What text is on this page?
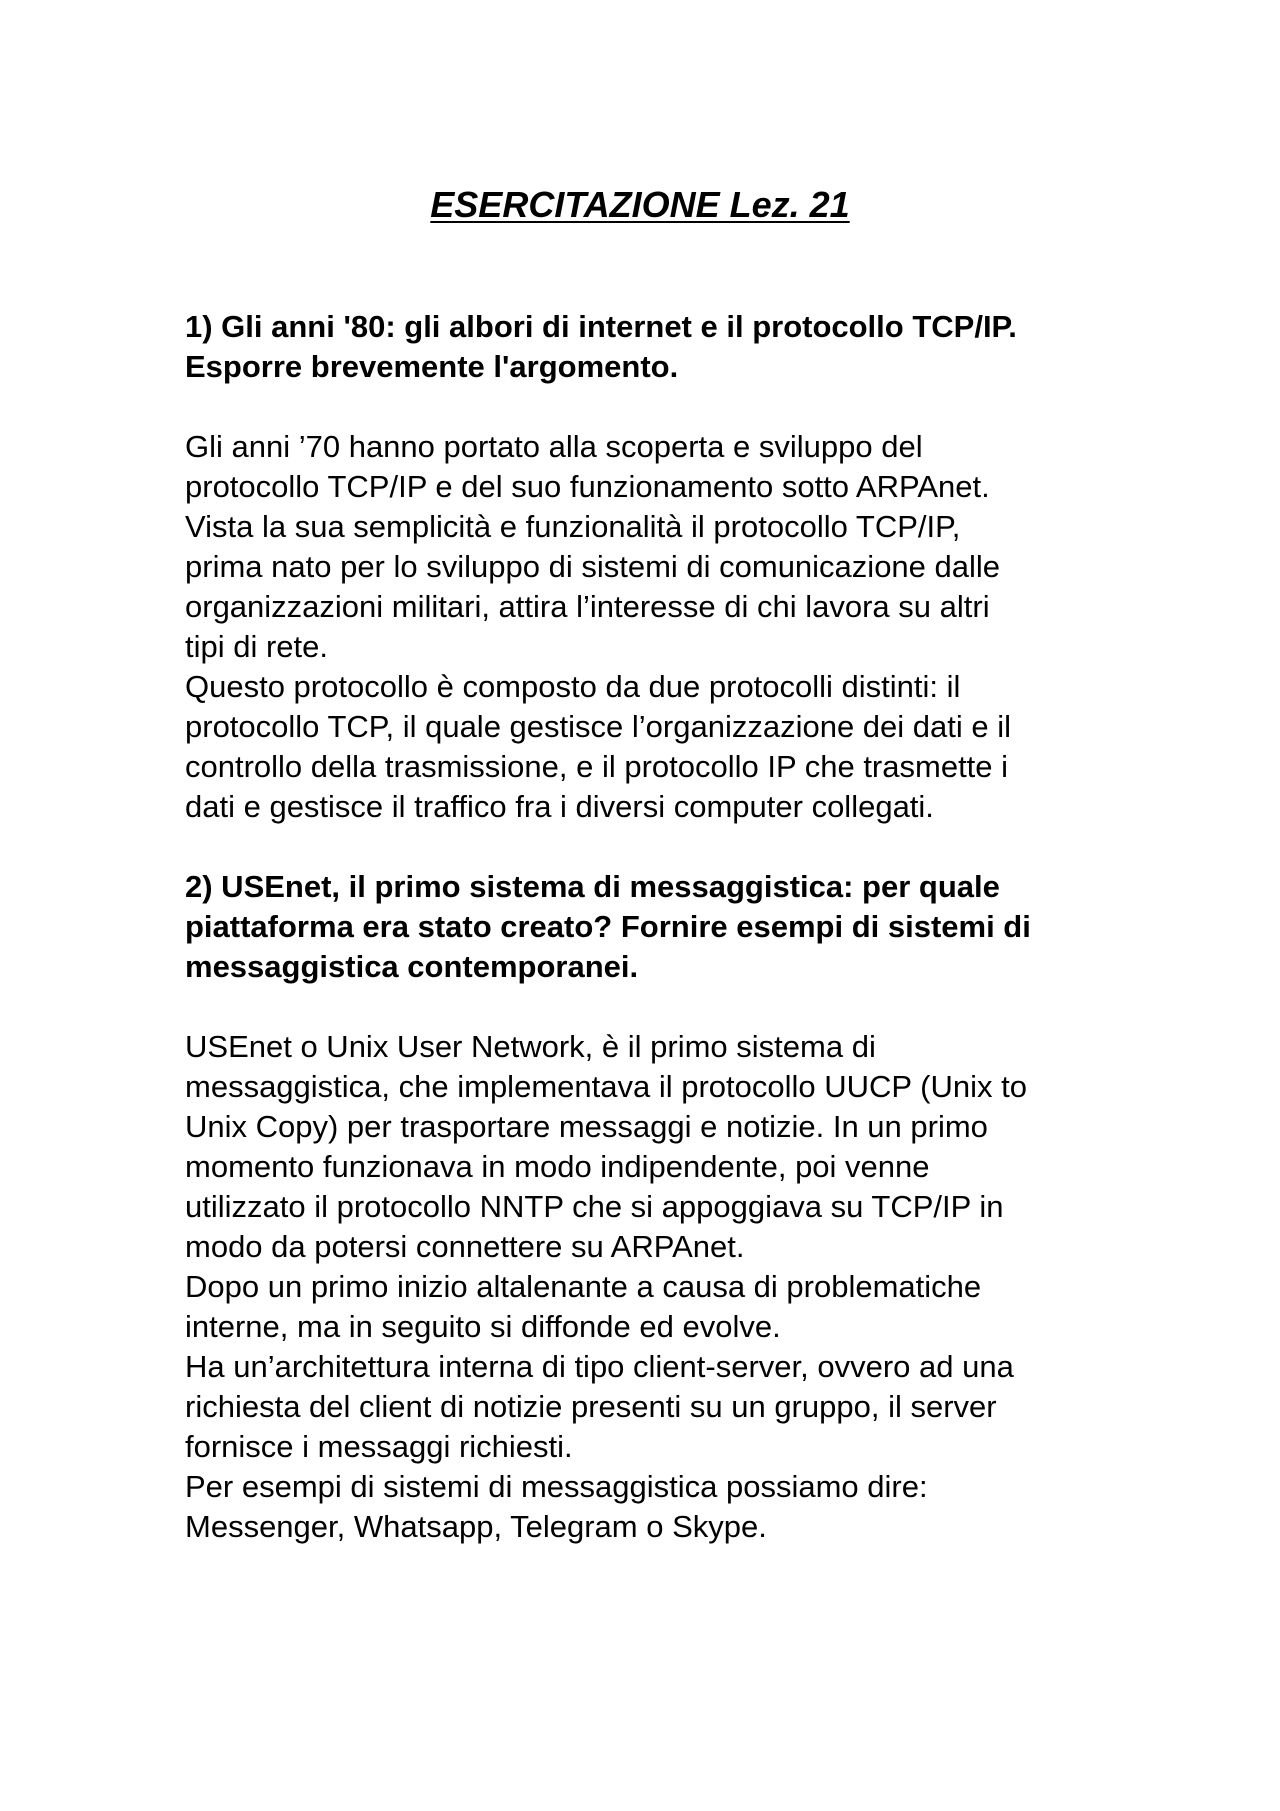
ESERCITAZIONE Lez. 21
1) Gli anni '80: gli albori di internet e il protocollo TCP/IP.
Esporre brevemente l'argomento.

Gli anni ’70 hanno portato alla scoperta e sviluppo del

protocollo TCP/IP e del suo funzionamento sotto ARPAnet.

Vista la sua semplicità e funzionalità il protocollo TCP/IP,

prima nato per lo sviluppo di sistemi di comunicazione dalle

organizzazioni militari, attira l’interesse di chi lavora su altri

tipi di rete.

Questo protocollo è composto da due protocolli distinti: il

protocollo TCP, il quale gestisce l’organizzazione dei dati e il

controllo della trasmissione, e il protocollo IP che trasmette i

dati e gestisce il traffico fra i diversi computer collegati.

2) USEnet, il primo sistema di messaggistica: per quale
piattaforma era stato creato? Fornire esempi di sistemi di
messaggistica contemporanei.

USEnet o Unix User Network, è il primo sistema di

messaggistica, che implementava il protocollo UUCP (Unix to

Unix Copy) per trasportare messaggi e notizie. In un primo

momento funzionava in modo indipendente, poi venne

utilizzato il protocollo NNTP che si appoggiava su TCP/IP in

modo da potersi connettere su ARPAnet.

Dopo un primo inizio altalenante a causa di problematiche

interne, ma in seguito si diffonde ed evolve.

Ha un’architettura interna di tipo client-server, ovvero ad una

richiesta del client di notizie presenti su un gruppo, il server

fornisce i messaggi richiesti.

Per esempi di sistemi di messaggistica possiamo dire:

Messenger, Whatsapp, Telegram o Skype.
